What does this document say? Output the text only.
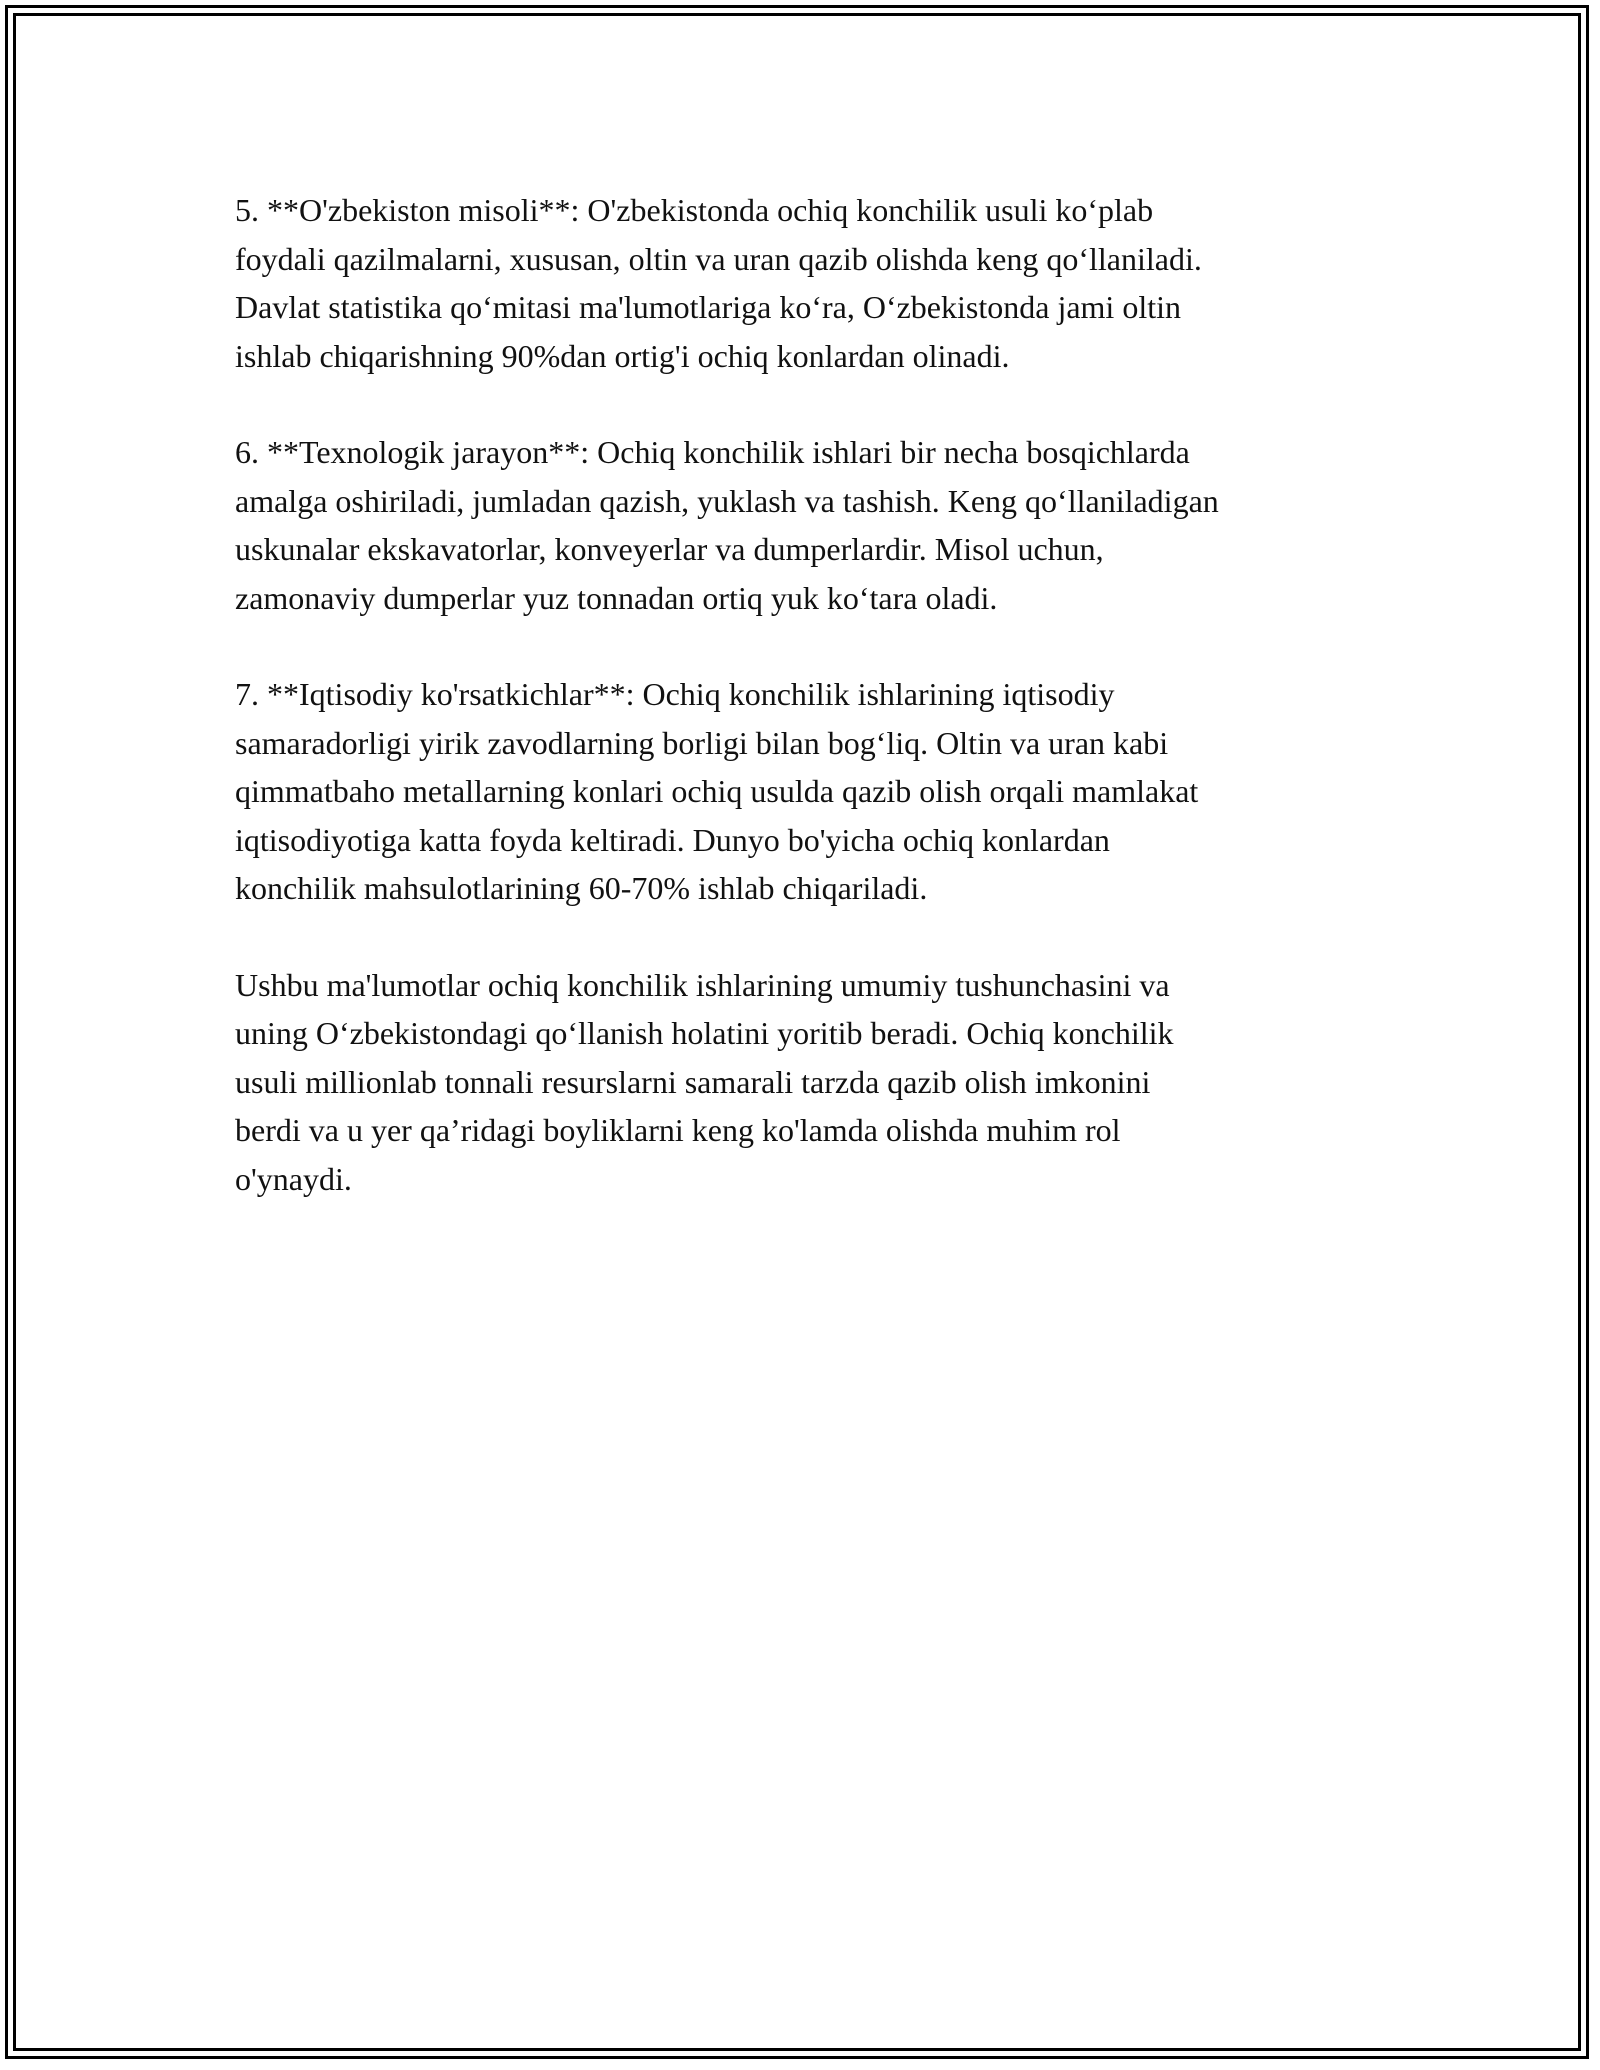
5. **O'zbekiston misoli**: O'zbekistonda ochiq konchilik usuli ko‘plab
foydali qazilmalarni, xususan, oltin va uran qazib olishda keng qo‘llaniladi.
Davlat statistika qo‘mitasi ma'lumotlariga ko‘ra, O‘zbekistonda jami oltin
ishlab chiqarishning 90%dan ortig'i ochiq konlardan olinadi.

6. **Texnologik jarayon**: Ochiq konchilik ishlari bir necha bosqichlarda
amalga oshiriladi, jumladan qazish, yuklash va tashish. Keng qo‘llaniladigan
uskunalar ekskavatorlar, konveyerlar va dumperlardir. Misol uchun,
zamonaviy dumperlar yuz tonnadan ortiq yuk ko‘tara oladi.

7. **Iqtisodiy ko'rsatkichlar**: Ochiq konchilik ishlarining iqtisodiy
samaradorligi yirik zavodlarning borligi bilan bog‘liq. Oltin va uran kabi
qimmatbaho metallarning konlari ochiq usulda qazib olish orqali mamlakat
iqtisodiyotiga katta foyda keltiradi. Dunyo bo'yicha ochiq konlardan
konchilik mahsulotlarining 60-70% ishlab chiqariladi.

Ushbu ma'lumotlar ochiq konchilik ishlarining umumiy tushunchasini va
uning O‘zbekistondagi qo‘llanish holatini yoritib beradi. Ochiq konchilik
usuli millionlab tonnali resurslarni samarali tarzda qazib olish imkonini
berdi va u yer qa’ridagi boyliklarni keng ko'lamda olishda muhim rol
o'ynaydi.
